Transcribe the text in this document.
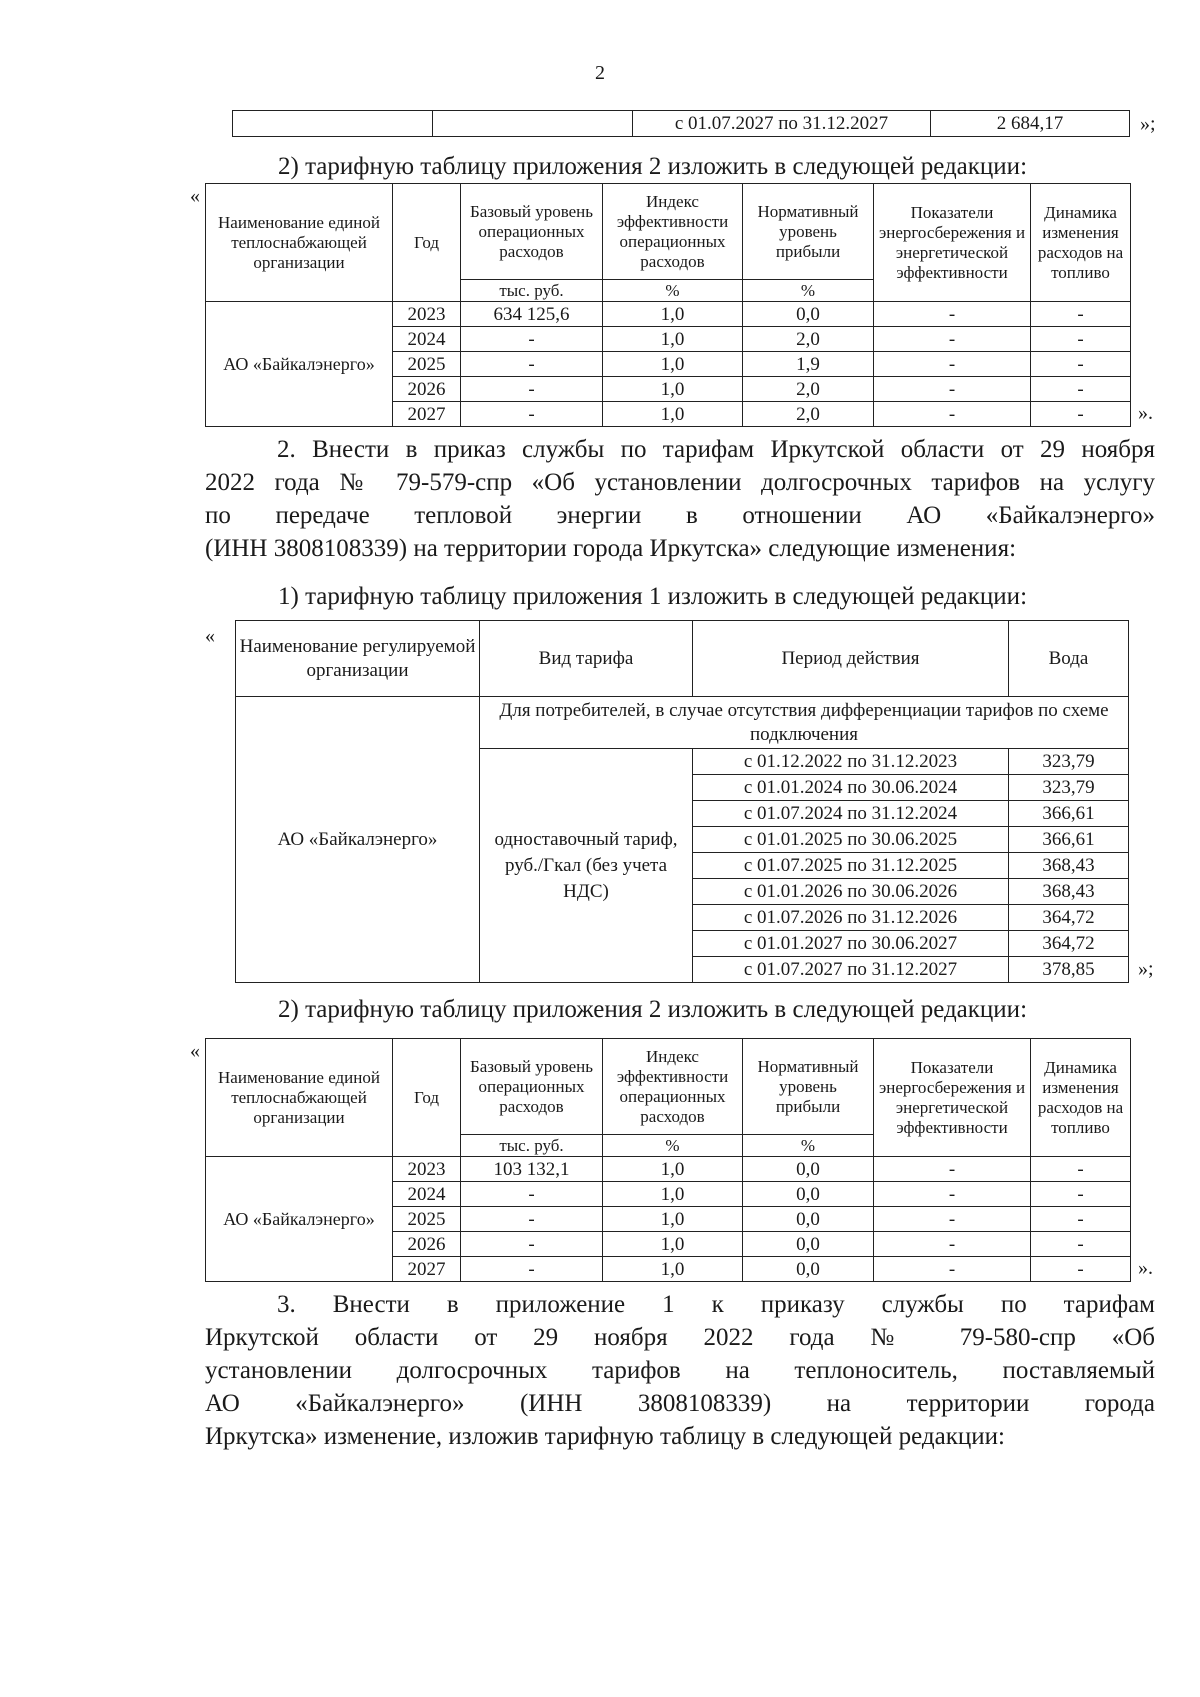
2
		с 01.07.2027 по 31.12.2027	2 684,17	»;
2) тарифную таблицу приложения 2 изложить в следующей редакции:
«
Наименование единой теплоснабжающей организации	Год	Базовый уровень операционных расходов	Индекс эффективности операционных расходов	Нормативный уровень прибыли	Показатели энергосбережения и энергетической эффективности	Динамика изменения расходов на топливо
		тыс. руб.	%	%		
АО «Байкалэнерго»	2023	634 125,6	1,0	0,0	-	-
	2024	-	1,0	2,0	-	-
	2025	-	1,0	1,9	-	-
	2026	-	1,0	2,0	-	-
	2027	-	1,0	2,0	-	-	».
2. Внести в приказ службы по тарифам Иркутской области от 29 ноября
2022 года № 79-579-спр «Об установлении долгосрочных тарифов на услугу
по передаче тепловой энергии в отношении АО «Байкалэнерго»
(ИНН 3808108339) на территории города Иркутска» следующие изменения:
1) тарифную таблицу приложения 1 изложить в следующей редакции:
« Наименование регулируемой организации	Вид тарифа	Период действия	Вода
АО «Байкалэнерго»	Для потребителей, в случае отсутствия дифференциации тарифов по схеме подключения		
	одноставочный тариф, руб./Гкал (без учета НДС)	с 01.12.2022 по 31.12.2023	323,79
		с 01.01.2024 по 30.06.2024	323,79
		с 01.07.2024 по 31.12.2024	366,61
		с 01.01.2025 по 30.06.2025	366,61
		с 01.07.2025 по 31.12.2025	368,43
		с 01.01.2026 по 30.06.2026	368,43
		с 01.07.2026 по 31.12.2026	364,72
		с 01.01.2027 по 30.06.2027	364,72
		с 01.07.2027 по 31.12.2027	378,85 »;
2) тарифную таблицу приложения 2 изложить в следующей редакции:
«
Наименование единой теплоснабжающей организации	Год	Базовый уровень операционных расходов	Индекс эффективности операционных расходов	Нормативный уровень прибыли	Показатели энергосбережения и энергетической эффективности	Динамика изменения расходов на топливо
		тыс. руб.	%	%		
АО «Байкалэнерго»	2023	103 132,1	1,0	0,0	-	-
	2024	-	1,0	0,0	-	-
	2025	-	1,0	0,0	-	-
	2026	-	1,0	0,0	-	-
	2027	-	1,0	0,0	-	-	».
3. Внести в приложение 1 к приказу службы по тарифам
Иркутской области от 29 ноября 2022 года № 79-580-спр «Об
установлении долгосрочных тарифов на теплоноситель, поставляемый
АО «Байкалэнерго» (ИНН 3808108339) на территории города
Иркутска» изменение, изложив тарифную таблицу в следующей редакции:
